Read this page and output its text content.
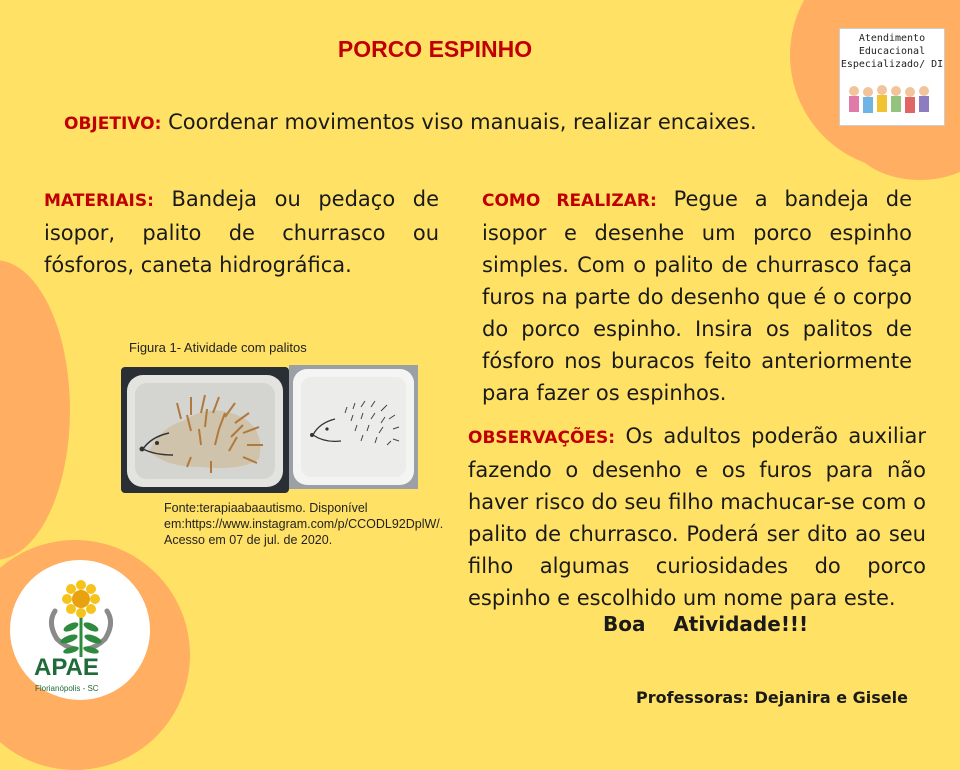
PORCO ESPINHO
OBJETIVO: Coordenar movimentos viso manuais, realizar encaixes.
MATERIAIS: Bandeja ou pedaço de isopor, palito de churrasco ou fósforos, caneta hidrográfica.
COMO REALIZAR: Pegue a bandeja de isopor e desenhe um porco espinho simples. Com o palito de churrasco faça furos na parte do desenho que é o corpo do porco espinho. Insira os palitos de fósforo nos buracos feito anteriormente para fazer os espinhos.
OBSERVAÇÕES: Os adultos poderão auxiliar fazendo o desenho e os furos para não haver risco do seu filho machucar-se com o palito de churrasco. Poderá ser dito ao seu filho algumas curiosidades do porco espinho e escolhido um nome para este.
Boa    Atividade!!!
Figura 1- Atividade com palitos
Fonte:terapiaabaautismo. Disponível em:https://www.instagram.com/p/CCODL92DplW/. Acesso em 07 de jul. de 2020.
Atendimento
Educacional
Especializado/ DI
APAE
Florianópolis - SC	Professoras: Dejanira e Gisele
